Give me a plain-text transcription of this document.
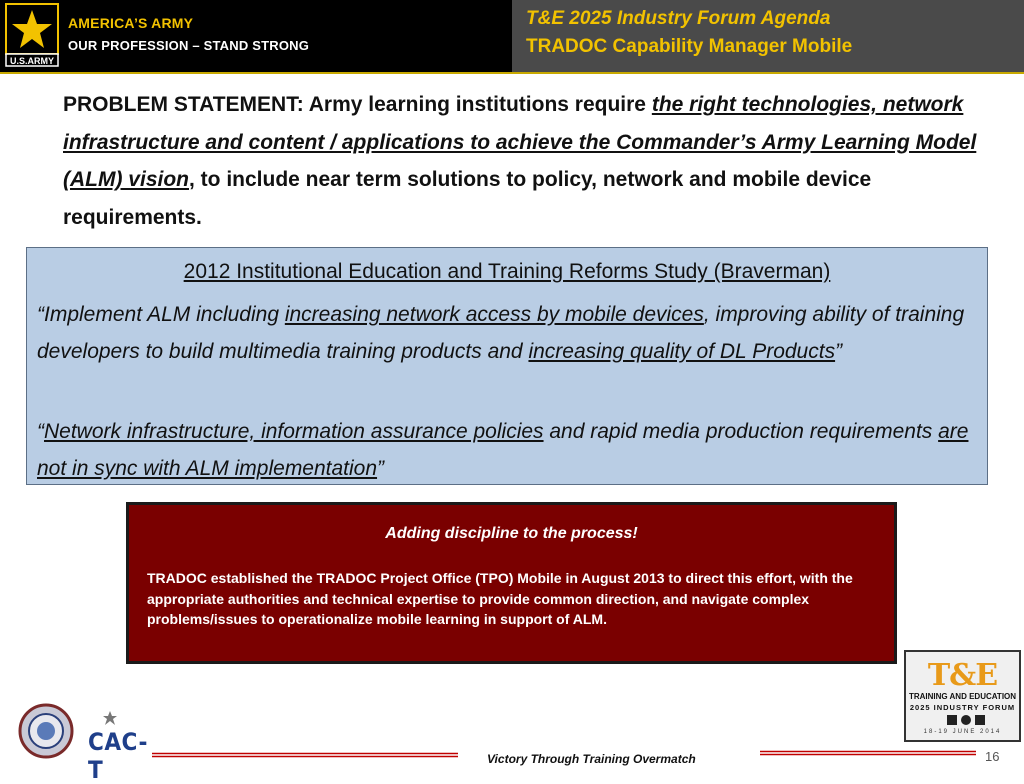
U.S.ARMY
AMERICA’S ARMY
OUR PROFESSION – STAND STRONG
T&E 2025 Industry Forum Agenda
TRADOC Capability Manager Mobile
PROBLEM STATEMENT: Army learning institutions require the right technologies, network infrastructure and content / applications to achieve the Commander’s Army Learning Model (ALM) vision, to include near term solutions to policy, network and mobile device requirements.
2012 Institutional Education and Training Reforms Study (Braverman)
“Implement ALM including increasing network access by mobile devices, improving ability of training developers to build multimedia training products and increasing quality of DL Products”
“Network infrastructure, information assurance policies and rapid media production requirements are not in sync with ALM implementation”
Adding discipline to the process!
TRADOC established the TRADOC Project Office (TPO) Mobile in August 2013 to direct this effort, with the appropriate authorities and technical expertise to provide common direction, and navigate complex problems/issues to operationalize mobile learning in support of ALM.
T&E
TRAINING AND EDUCATION
2025 INDUSTRY FORUM
18-19 JUNE 2014
CAC-T	Victory Through Training Overmatch	16
